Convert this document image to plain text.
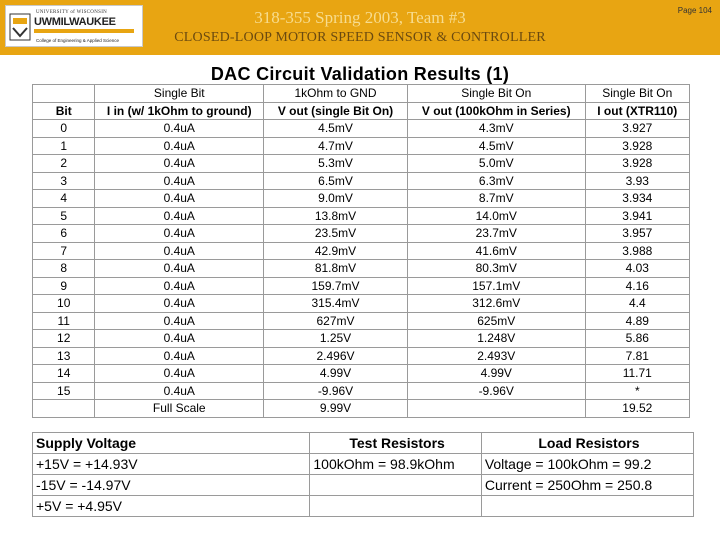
UNIVERSITY of WISCONSIN
UWMILWAUKEE
College of Engineering & Applied Science
318-355 Spring 2003, Team #3
CLOSED-LOOP MOTOR SPEED SENSOR & CONTROLLER
Page 104
DAC Circuit Validation Results (1)
	Single Bit	1kOhm to GND	Single Bit On	Single Bit On
Bit	I in (w/ 1kOhm to ground)	V out (single Bit On)	V out (100kOhm in Series)	I out (XTR110)
0	0.4uA	4.5mV	4.3mV	3.927
1	0.4uA	4.7mV	4.5mV	3.928
2	0.4uA	5.3mV	5.0mV	3.928
3	0.4uA	6.5mV	6.3mV	3.93
4	0.4uA	9.0mV	8.7mV	3.934
5	0.4uA	13.8mV	14.0mV	3.941
6	0.4uA	23.5mV	23.7mV	3.957
7	0.4uA	42.9mV	41.6mV	3.988
8	0.4uA	81.8mV	80.3mV	4.03
9	0.4uA	159.7mV	157.1mV	4.16
10	0.4uA	315.4mV	312.6mV	4.4
11	0.4uA	627mV	625mV	4.89
12	0.4uA	1.25V	1.248V	5.86
13	0.4uA	2.496V	2.493V	7.81
14	0.4uA	4.99V	4.99V	11.71
15	0.4uA	-9.96V	-9.96V	*
	Full Scale	9.99V		19.52
Supply Voltage	Test Resistors	Load Resistors
+15V = +14.93V	100kOhm = 98.9kOhm	Voltage = 100kOhm = 99.2
-15V = -14.97V		Current = 250Ohm = 250.8
+5V = +4.95V		
